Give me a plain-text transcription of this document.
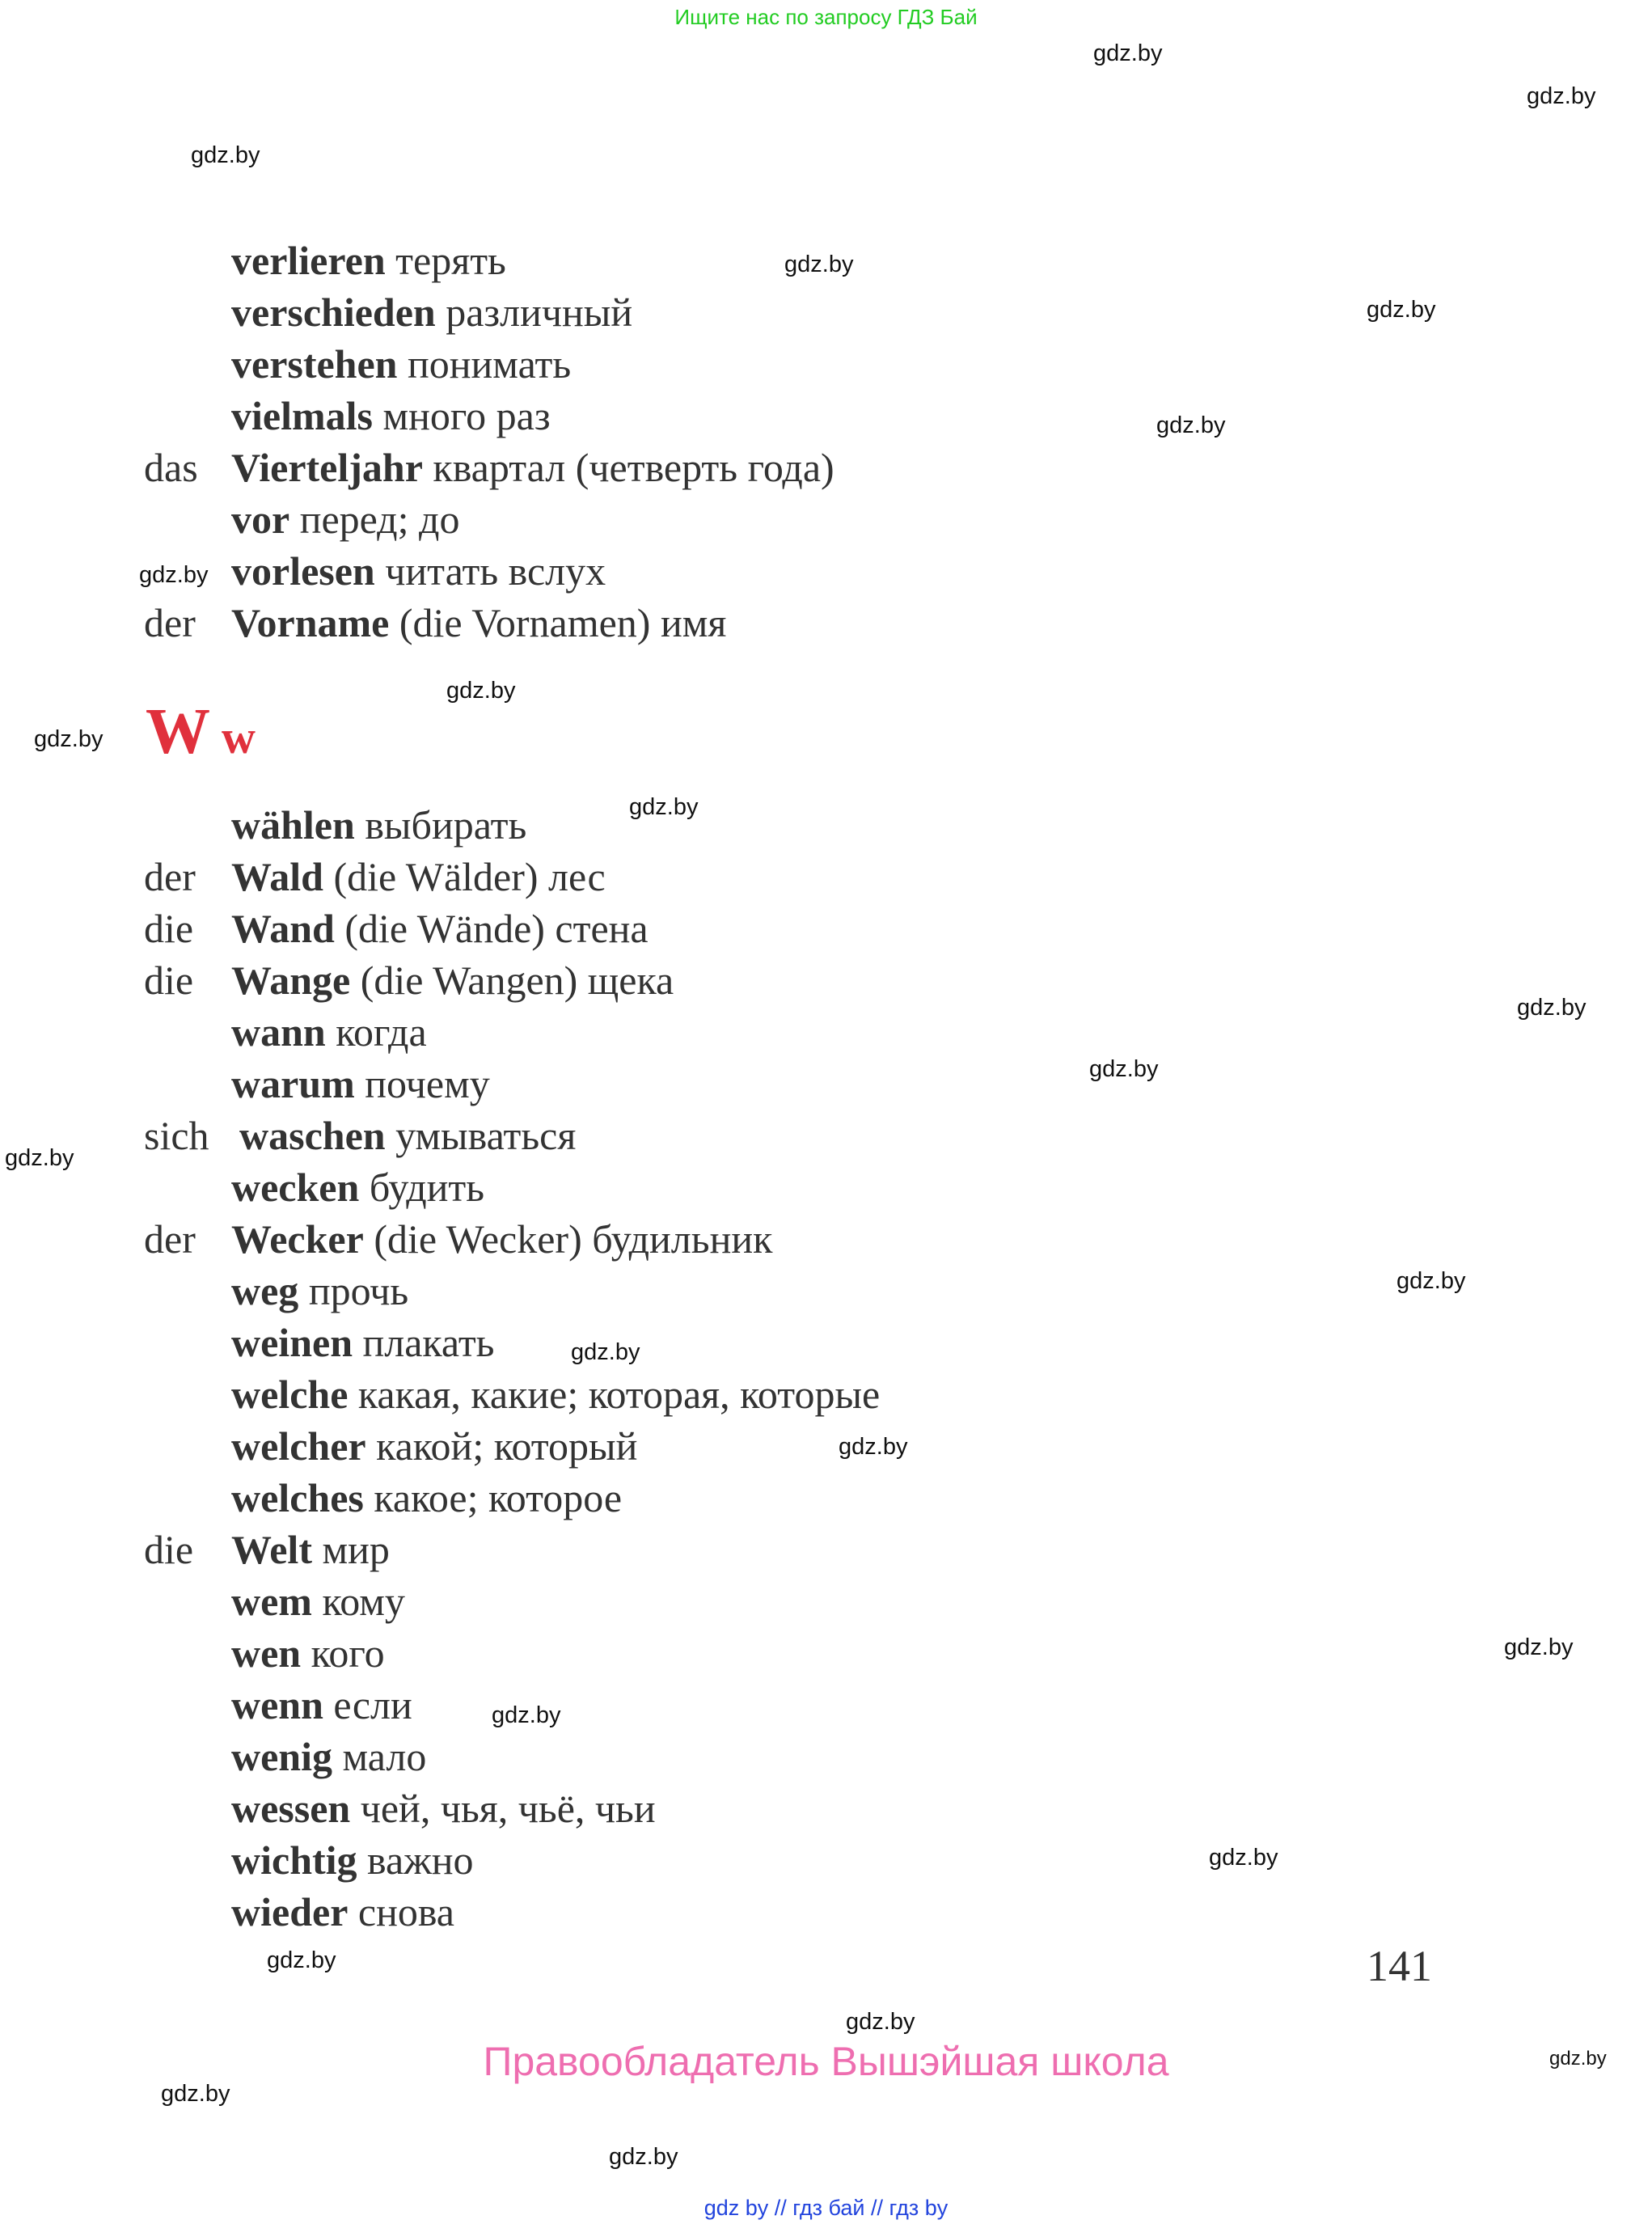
Ищите нас по запросу ГДЗ Бай
gdz.by
gdz.by
gdz.by
gdz.by
gdz.by
gdz.by
gdz.by
gdz.by
gdz.by
gdz.by
gdz.by
gdz.by
gdz.by
gdz.by
gdz.by
gdz.by
gdz.by
gdz.by
gdz.by
gdz.by
gdz.by
gdz.by
gdz.by
gdz.by
verlieren терять
verschieden различный
verstehen понимать
vielmals много раз
das Vierteljahr квартал (четверть года)
vor перед; до
vorlesen читать вслух
der Vorname (die Vornamen) имя
W w
wählen выбирать
der Wald (die Wälder) лес
die Wand (die Wände) стена
die Wange (die Wangen) щека
wann когда
warum почему
sich waschen умываться
wecken будить
der Wecker (die Wecker) будильник
weg прочь
weinen плакать
welche какая, какие; которая, которые
welcher какой; который
welches какое; которое
die Welt мир
wem кому
wen кого
wenn если
wenig мало
wessen чей, чья, чьё, чьи
wichtig важно
wieder снова
141
Правообладатель Вышэйшая школа
gdz by // гдз бай // гдз by
